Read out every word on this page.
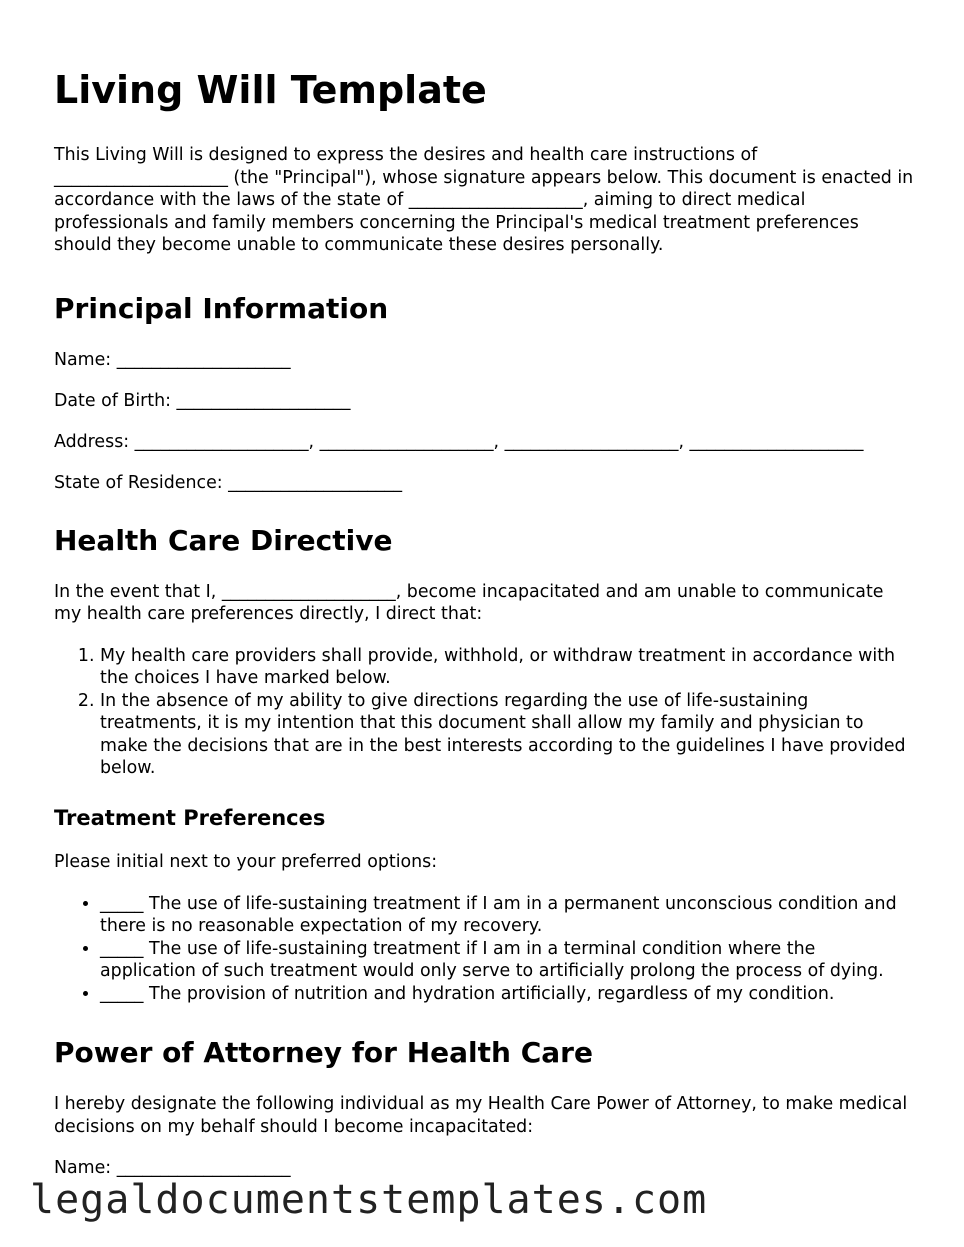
Living Will Template

This Living Will is designed to express the desires and health care instructions of ____________________ (the "Principal"), whose signature appears below. This document is enacted in accordance with the laws of the state of ____________________, aiming to direct medical professionals and family members concerning the Principal's medical treatment preferences should they become unable to communicate these desires personally.

Principal Information

Name: ____________________

Date of Birth: ____________________

Address: ____________________, ____________________, ____________________, ____________________

State of Residence: ____________________

Health Care Directive

In the event that I, ____________________, become incapacitated and am unable to communicate my health care preferences directly, I direct that:

1. My health care providers shall provide, withhold, or withdraw treatment in accordance with the choices I have marked below.
2. In the absence of my ability to give directions regarding the use of life-sustaining treatments, it is my intention that this document shall allow my family and physician to make the decisions that are in the best interests according to the guidelines I have provided below.
Treatment Preferences

Please initial next to your preferred options:

• _____ The use of life-sustaining treatment if I am in a permanent unconscious condition and there is no reasonable expectation of my recovery.
• _____ The use of life-sustaining treatment if I am in a terminal condition where the application of such treatment would only serve to artificially prolong the process of dying.
• _____ The provision of nutrition and hydration artificially, regardless of my condition.
Power of Attorney for Health Care

I hereby designate the following individual as my Health Care Power of Attorney, to make medical decisions on my behalf should I become incapacitated:

Name: ____________________

legaldocumentstemplates.com
